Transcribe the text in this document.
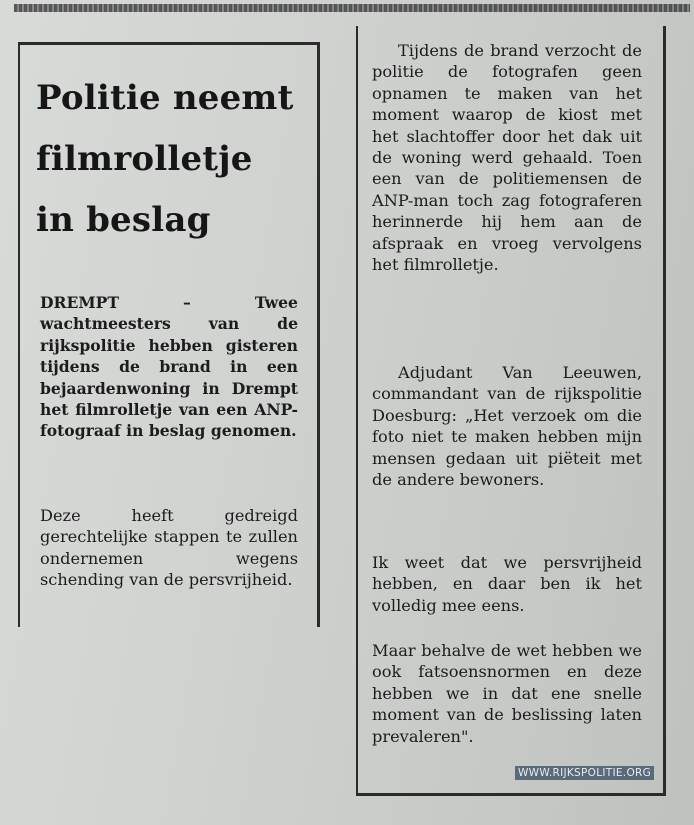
Politie neemt
filmrolletje
in beslag

DREMPT	– Twee wachtmeesters van de rijkspolitie hebben gisteren tijdens de brand in een bejaardenwoning in Drempt het filmrolletje van een ANP-fotograaf in beslag genomen.

Deze heeft gedreigd gerechtelijke stappen te zullen ondernemen wegens schending van de persvrijheid.

Tijdens de brand verzocht de politie de fotografen geen opnamen te maken van het moment waarop de kiost met het slachtoffer door het dak uit de woning werd gehaald. Toen een van de politiemensen de ANP-man toch zag fotograferen herinnerde hij hem aan de afspraak en vroeg vervolgens het filmrolletje.

Adjudant Van Leeuwen, commandant van de rijkspolitie Doesburg: „Het verzoek om die foto niet te maken hebben mijn mensen gedaan uit piëteit met de andere bewoners.

Ik weet dat we persvrijheid hebben, en daar ben ik het volledig mee eens.

Maar behalve de wet hebben we ook fatsoensnormen en deze hebben we in dat ene snelle moment van de beslissing laten prevaleren".

WWW.RIJKSPOLITIE.ORG
